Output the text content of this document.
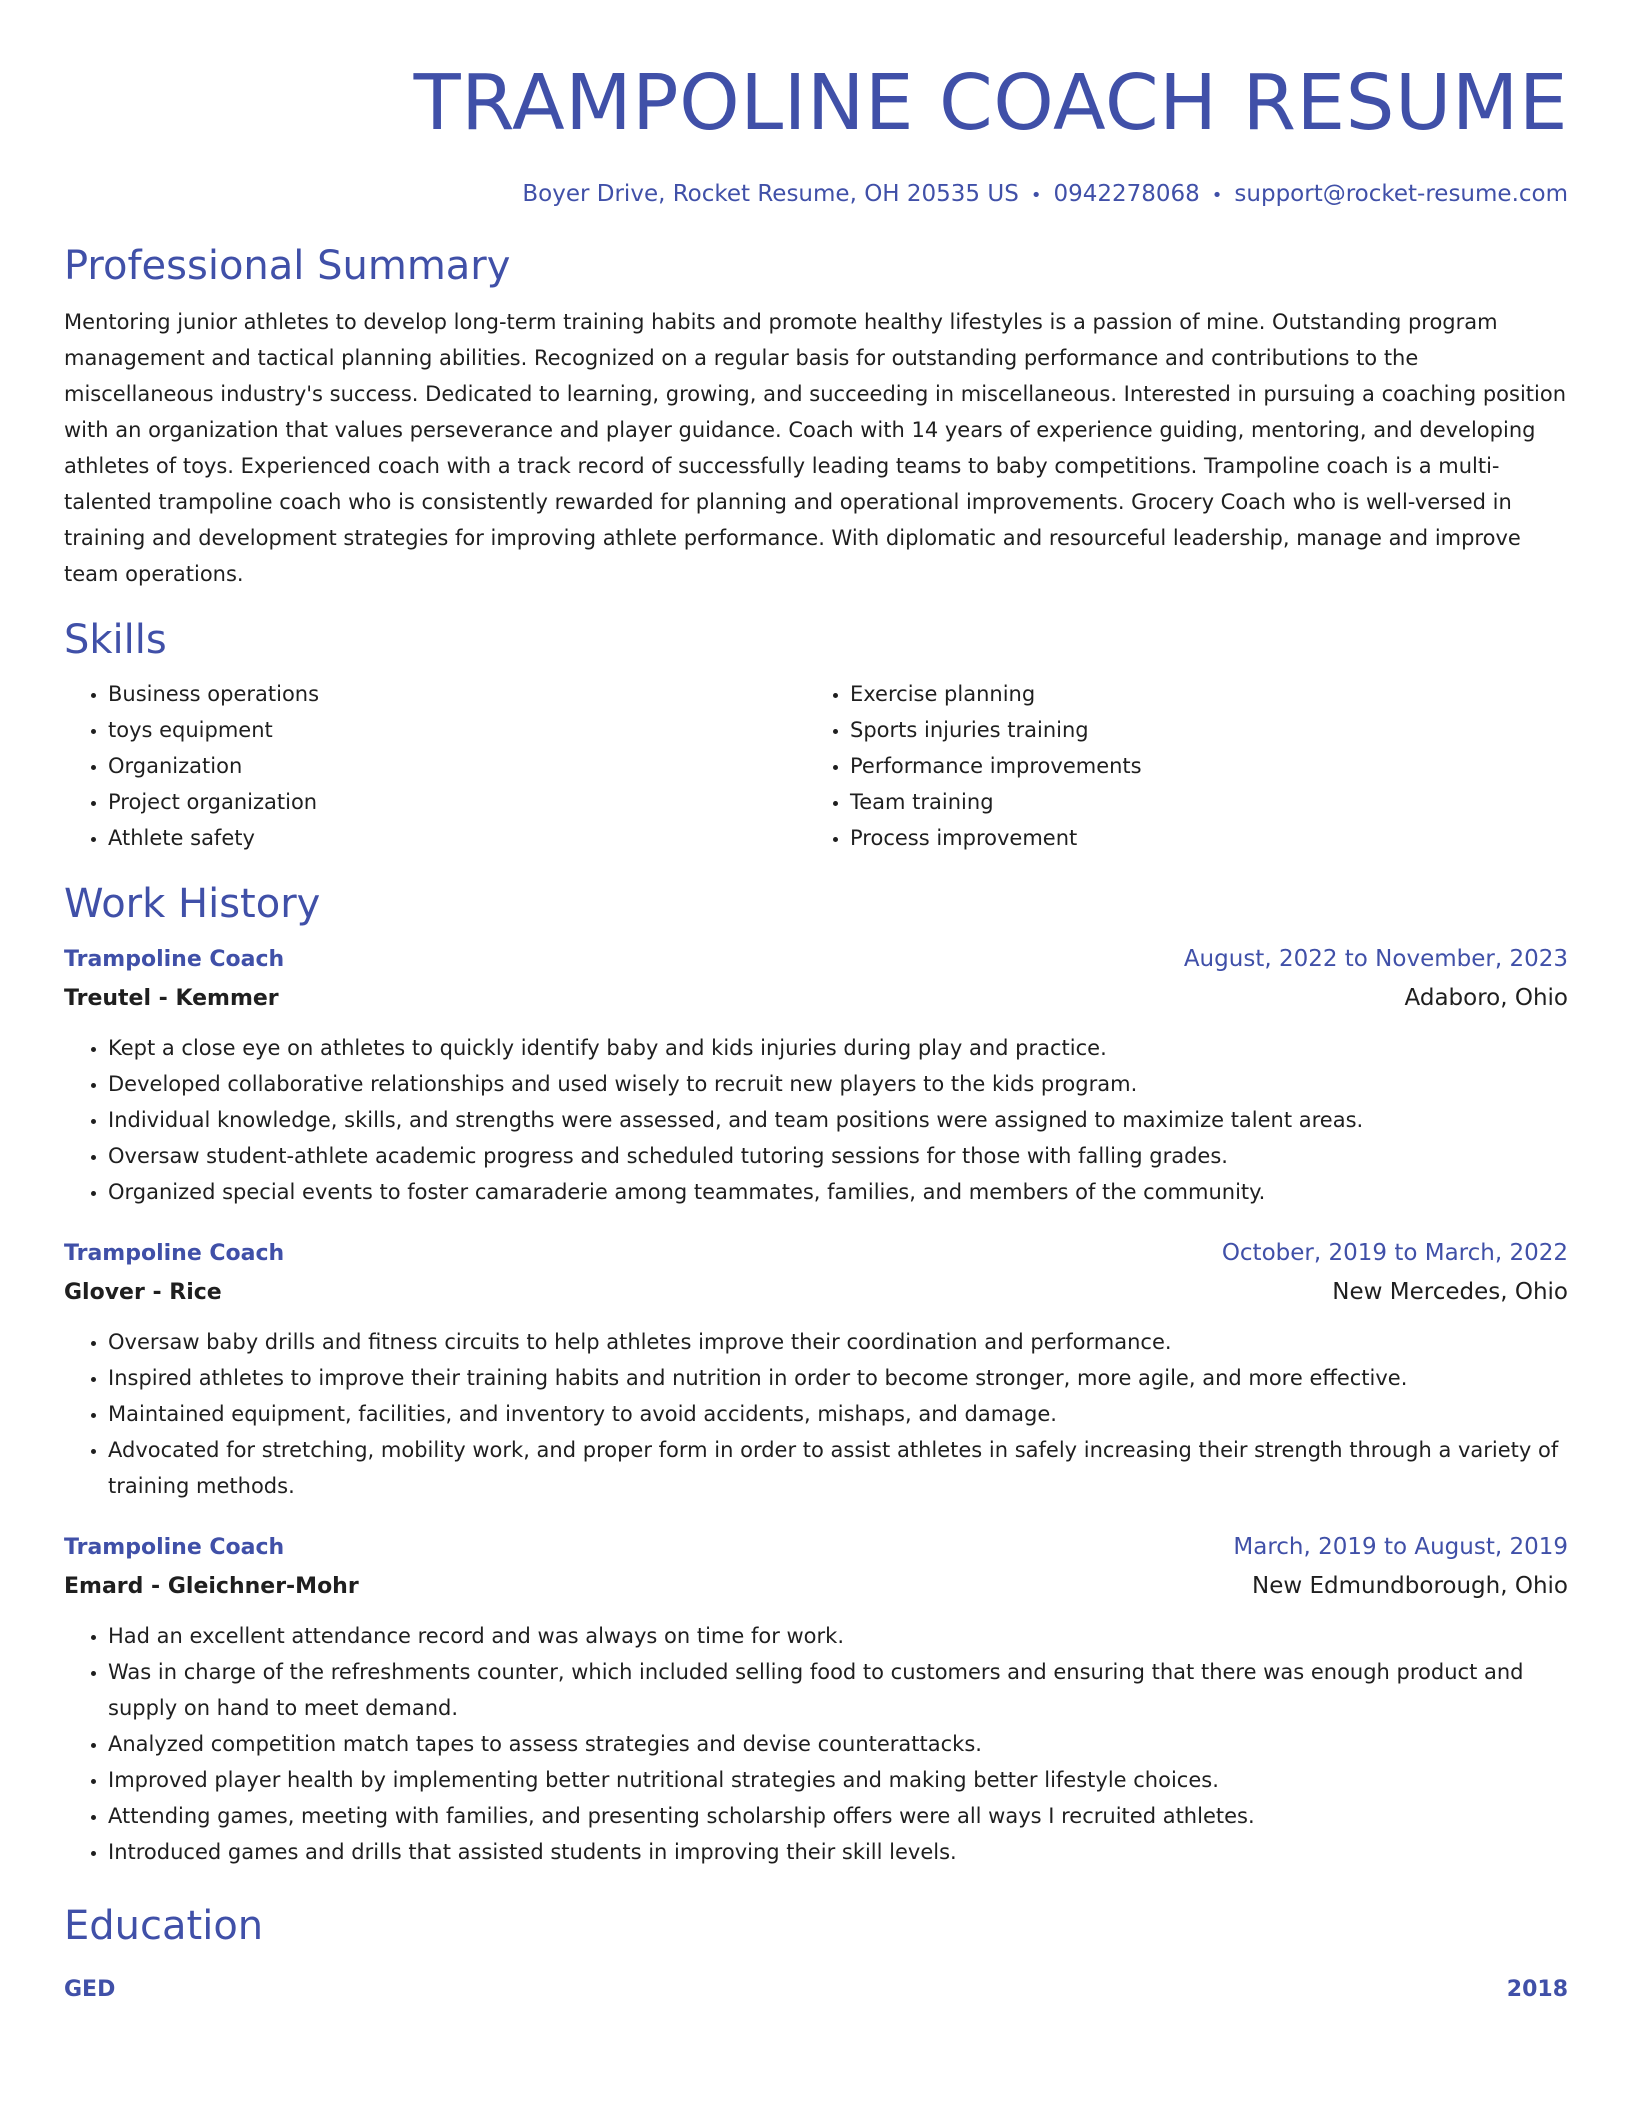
TRAMPOLINE COACH RESUME
Boyer Drive, Rocket Resume, OH 20535 US • 0942278068 • support@rocket-resume.com
Professional Summary
Mentoring junior athletes to develop long-term training habits and promote healthy lifestyles is a passion of mine. Outstanding program management and tactical planning abilities. Recognized on a regular basis for outstanding performance and contributions to the miscellaneous industry's success. Dedicated to learning, growing, and succeeding in miscellaneous. Interested in pursuing a coaching position with an organization that values perseverance and player guidance. Coach with 14 years of experience guiding, mentoring, and developing athletes of toys. Experienced coach with a track record of successfully leading teams to baby competitions. Trampoline coach is a multi-talented trampoline coach who is consistently rewarded for planning and operational improvements. Grocery Coach who is well-versed in training and development strategies for improving athlete performance. With diplomatic and resourceful leadership, manage and improve team operations.
Skills
• Business operations
• toys equipment
• Organization
• Project organization
• Athlete safety
• Exercise planning
• Sports injuries training
• Performance improvements
• Team training
• Process improvement
Work History
Trampoline Coach	August, 2022 to November, 2023
Treutel - Kemmer	Adaboro, Ohio
• Kept a close eye on athletes to quickly identify baby and kids injuries during play and practice.
• Developed collaborative relationships and used wisely to recruit new players to the kids program.
• Individual knowledge, skills, and strengths were assessed, and team positions were assigned to maximize talent areas.
• Oversaw student-athlete academic progress and scheduled tutoring sessions for those with falling grades.
• Organized special events to foster camaraderie among teammates, families, and members of the community.
Trampoline Coach	October, 2019 to March, 2022
Glover - Rice	New Mercedes, Ohio
• Oversaw baby drills and fitness circuits to help athletes improve their coordination and performance.
• Inspired athletes to improve their training habits and nutrition in order to become stronger, more agile, and more effective.
• Maintained equipment, facilities, and inventory to avoid accidents, mishaps, and damage.
• Advocated for stretching, mobility work, and proper form in order to assist athletes in safely increasing their strength through a variety of training methods.
Trampoline Coach	March, 2019 to August, 2019
Emard - Gleichner-Mohr	New Edmundborough, Ohio
• Had an excellent attendance record and was always on time for work.
• Was in charge of the refreshments counter, which included selling food to customers and ensuring that there was enough product and supply on hand to meet demand.
• Analyzed competition match tapes to assess strategies and devise counterattacks.
• Improved player health by implementing better nutritional strategies and making better lifestyle choices.
• Attending games, meeting with families, and presenting scholarship offers were all ways I recruited athletes.
• Introduced games and drills that assisted students in improving their skill levels.
Education
GED	2018
